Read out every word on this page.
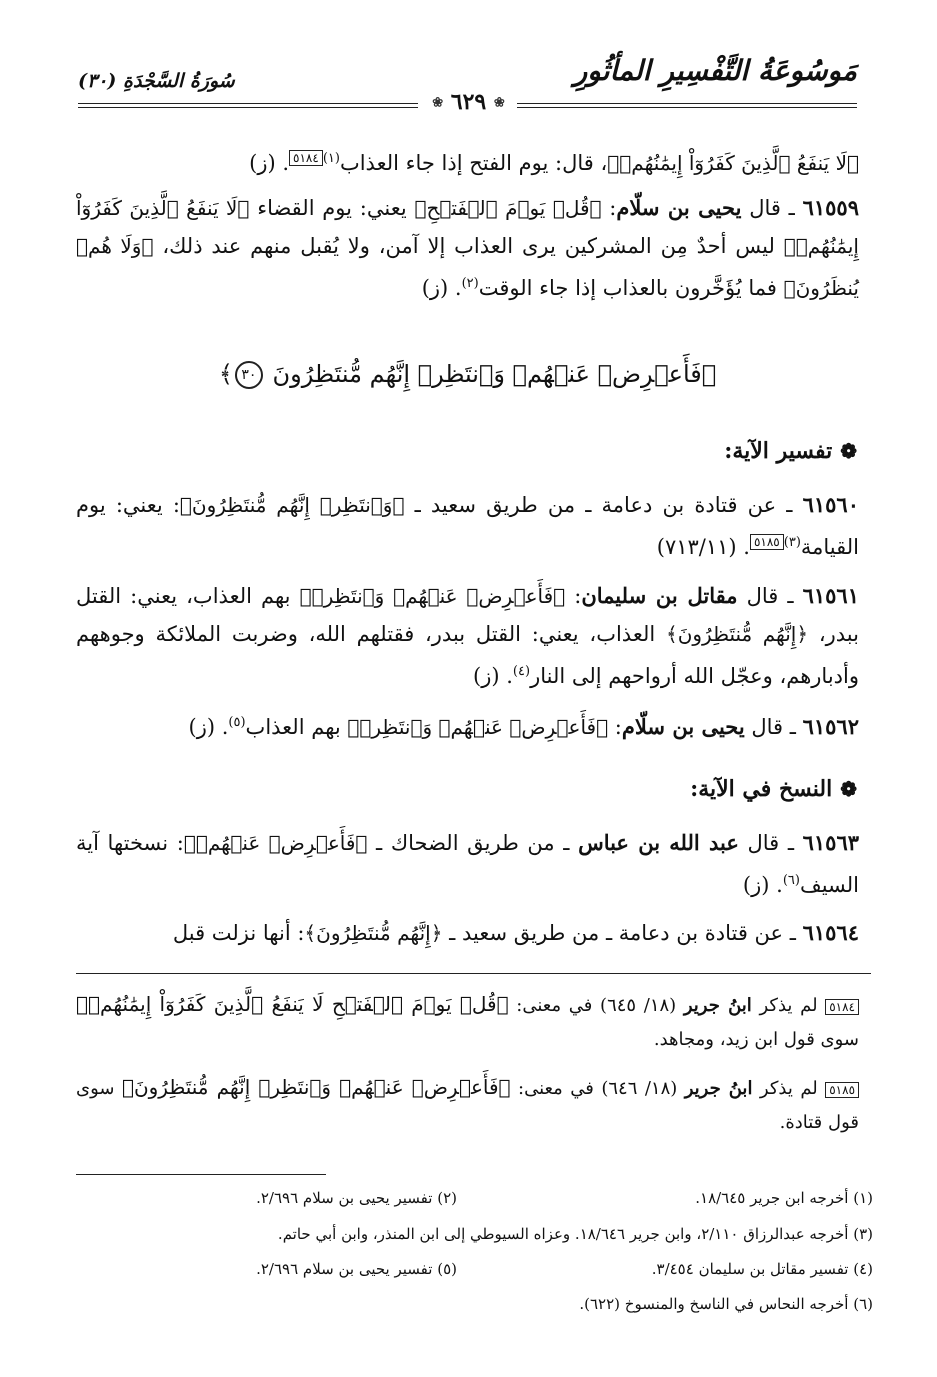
مَوسُوعَةُ التَّفْسِيرِ المأثُورِ
سُورَةُ السَّجْدَةِ (٣٠)
❀ ٦٢٩ ❀
﴿لَا يَنفَعُ ٱلَّذِينَ كَفَرُوٓاْ إِيمَٰنُهُمۡ﴾، قال: يوم الفتح إذا جاء العذاب$^{(١)}$٥١٨٤. (ز)
٦١٥٥٩ ـ قال يحيى بن سلّام: ﴿قُلۡ يَوۡمَ ٱلۡفَتۡحِ﴾ يعني: يوم القضاء ﴿لَا يَنفَعُ ٱلَّذِينَ كَفَرُوٓاْ إِيمَٰنُهُمۡ﴾ ليس أحدٌ مِن المشركين يرى العذاب إلا آمن، ولا يُقبل منهم عند ذلك، ﴿وَلَا هُمۡ يُنظَرُونَ﴾ فما يُؤَخَّرون بالعذاب إذا جاء الوقت$^{(٢)}$. (ز)
﴿فَأَعۡرِضۡ عَنۡهُمۡ وَٱنتَظِرۡ إِنَّهُم مُّنتَظِرُونَ ٣٠﴾
❁تفسير الآية:
٦١٥٦٠ ـ عن قتادة بن دعامة ـ من طريق سعيد ـ ﴿وَٱنتَظِرۡ إِنَّهُم مُّنتَظِرُونَ﴾: يعني: يوم القيامة$^{(٣)}$٥١٨٥. (٧١٣/١١)
٦١٥٦١ ـ قال مقاتل بن سليمان: ﴿فَأَعۡرِضۡ عَنۡهُمۡ وَٱنتَظِرۡ﴾ بهم العذاب، يعني: القتل ببدر، ﴿إِنَّهُم مُّنتَظِرُونَ﴾ العذاب، يعني: القتل ببدر، فقتلهم الله، وضربت الملائكة وجوههم وأدبارهم، وعجّل الله أرواحهم إلى النار$^{(٤)}$. (ز)
٦١٥٦٢ ـ قال يحيى بن سلّام: ﴿فَأَعۡرِضۡ عَنۡهُمۡ وَٱنتَظِرۡ﴾ بهم العذاب$^{(٥)}$. (ز)
❁النسخ في الآية:
٦١٥٦٣ ـ قال عبد الله بن عباس ـ من طريق الضحاك ـ ﴿فَأَعۡرِضۡ عَنۡهُمۡ﴾: نسختها آية السيف$^{(٦)}$. (ز)
٦١٥٦٤ ـ عن قتادة بن دعامة ـ من طريق سعيد ـ ﴿إِنَّهُم مُّنتَظِرُونَ﴾: أنها نزلت قبل
٥١٨٤ لم يذكر ابنُ جرير (١٨/ ٦٤٥) في معنى: ﴿قُلۡ يَوۡمَ ٱلۡفَتۡحِ لَا يَنفَعُ ٱلَّذِينَ كَفَرُوٓاْ إِيمَٰنُهُمۡ﴾ سوى قول ابن زيد، ومجاهد.
٥١٨٥ لم يذكر ابنُ جرير (١٨/ ٦٤٦) في معنى: ﴿فَأَعۡرِضۡ عَنۡهُمۡ وَٱنتَظِرۡ إِنَّهُم مُّنتَظِرُونَ﴾ سوى قول قتادة.
(١) أخرجه ابن جرير ١٨/٦٤٥.
(٢) تفسير يحيى بن سلام ٢/٦٩٦.
(٣) أخرجه عبدالرزاق ٢/١١٠، وابن جرير ١٨/٦٤٦. وعزاه السيوطي إلى ابن المنذر، وابن أبي حاتم.
(٤) تفسير مقاتل بن سليمان ٣/٤٥٤.
(٥) تفسير يحيى بن سلام ٢/٦٩٦.
(٦) أخرجه النحاس في الناسخ والمنسوخ (٦٢٢).
